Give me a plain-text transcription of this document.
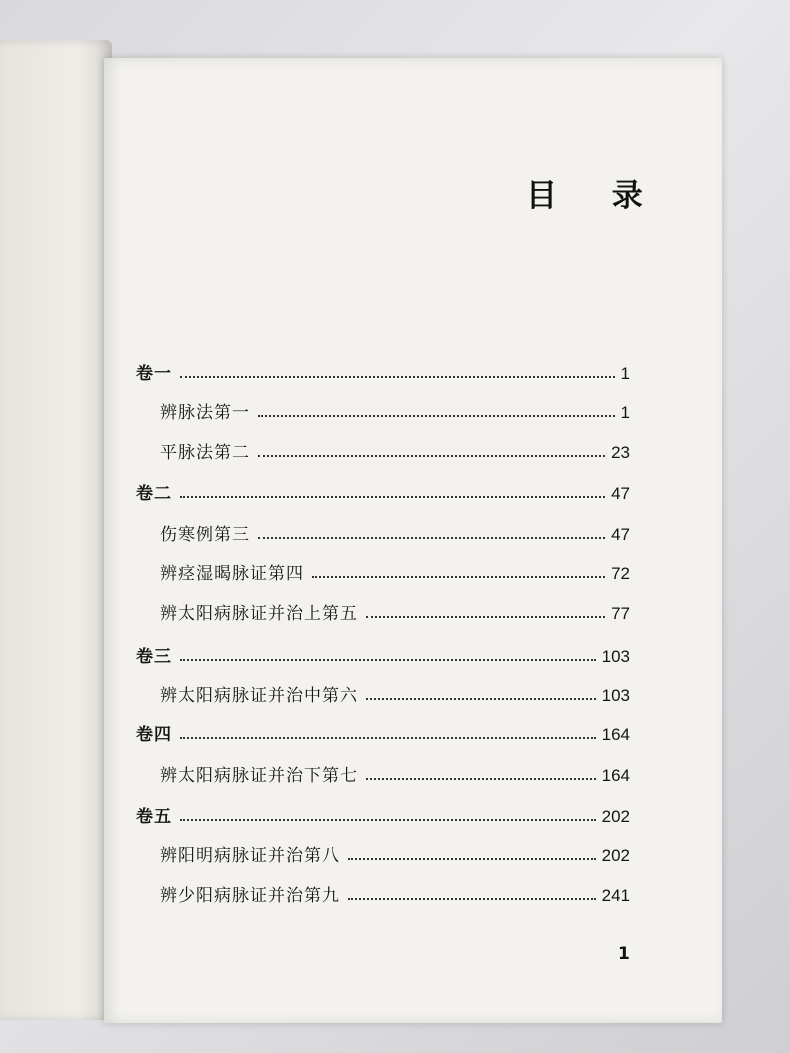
目 录
卷一	1
辨脉法第一	1
平脉法第二	23
卷二	47
伤寒例第三	47
辨痉湿暍脉证第四	72
辨太阳病脉证并治上第五	77
卷三	103
辨太阳病脉证并治中第六	103
卷四	164
辨太阳病脉证并治下第七	164
卷五	202
辨阳明病脉证并治第八	202
辨少阳病脉证并治第九	241
1
